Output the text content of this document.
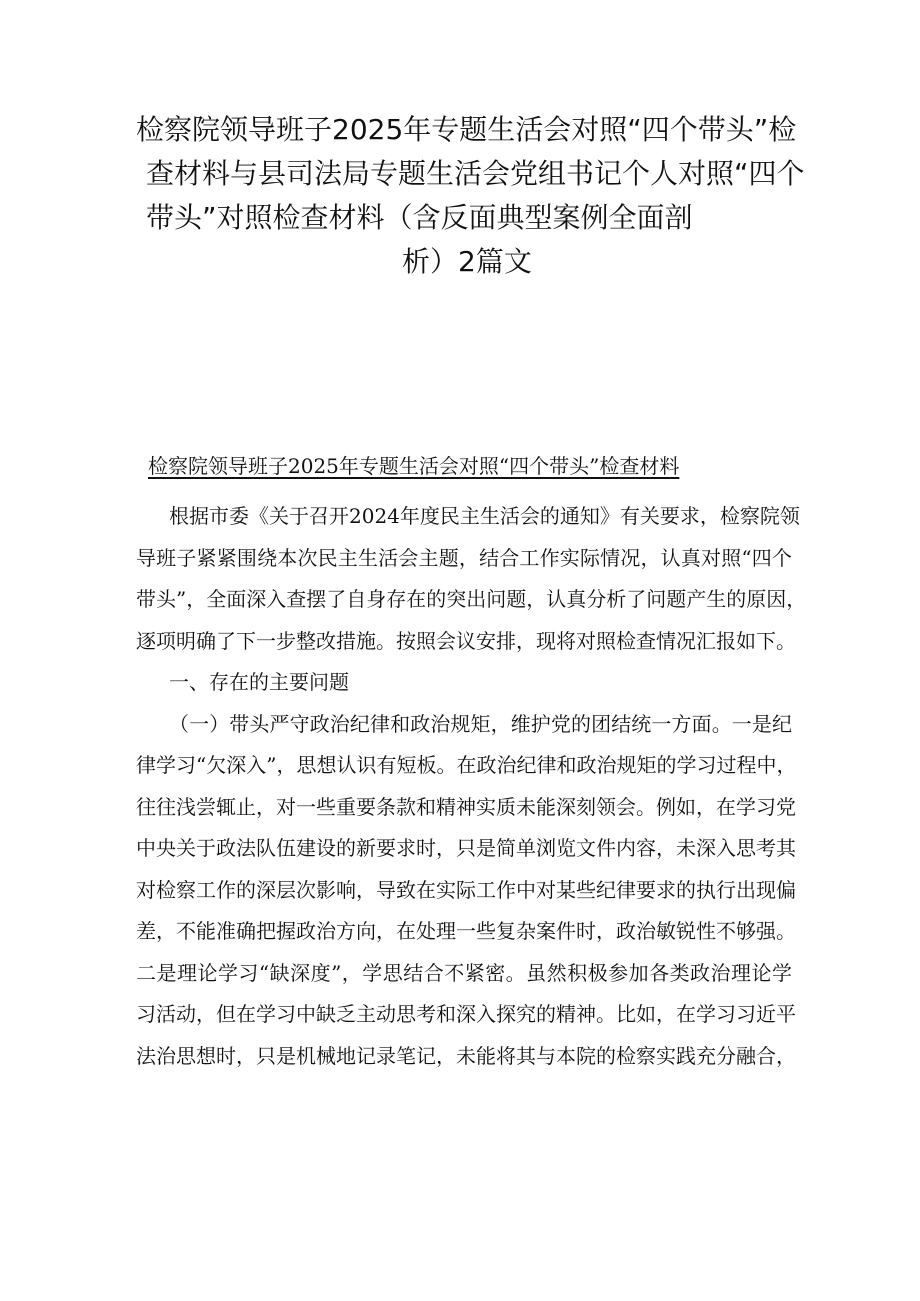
检察院领导班子2025年专题生活会对照“四个带头”检
查材料与县司法局专题生活会党组书记个人对照“四个
带头”对照检查材料（含反面典型案例全面剖
析）2篇文
检察院领导班子2025年专题生活会对照“四个带头”检查材料
根据市委《关于召开2024年度民主生活会的通知》有关要求，检察院领
导班子紧紧围绕本次民主生活会主题，结合工作实际情况，认真对照“四个
带头”，全面深入查摆了自身存在的突出问题，认真分析了问题产生的原因，
逐项明确了下一步整改措施。按照会议安排，现将对照检查情况汇报如下。
一、存在的主要问题
（一）带头严守政治纪律和政治规矩，维护党的团结统一方面。一是纪
律学习“欠深入”，思想认识有短板。在政治纪律和政治规矩的学习过程中，
往往浅尝辄止，对一些重要条款和精神实质未能深刻领会。例如，在学习党
中央关于政法队伍建设的新要求时，只是简单浏览文件内容，未深入思考其
对检察工作的深层次影响，导致在实际工作中对某些纪律要求的执行出现偏
差，不能准确把握政治方向，在处理一些复杂案件时，政治敏锐性不够强。
二是理论学习“缺深度”，学思结合不紧密。虽然积极参加各类政治理论学
习活动，但在学习中缺乏主动思考和深入探究的精神。比如，在学习习近平
法治思想时，只是机械地记录笔记，未能将其与本院的检察实践充分融合，
